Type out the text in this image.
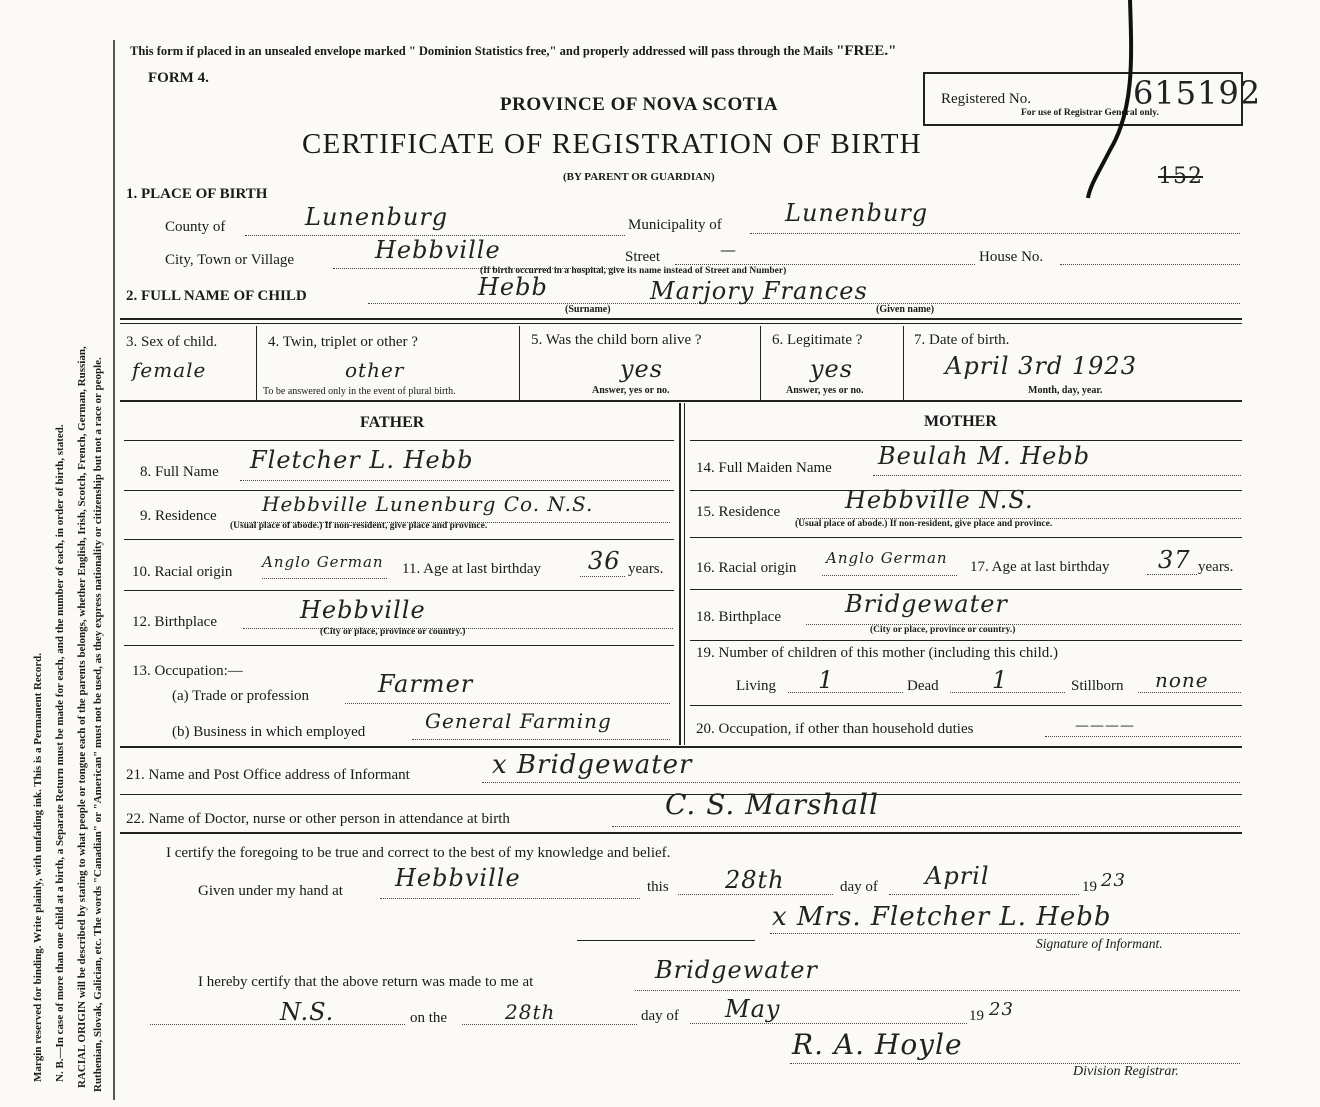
Margin reserved for binding. Write plainly, with unfading ink. This is a Permanent Record. N. B.—In case of more than one child at a birth, a Separate Return must be made for each, and the number of each, in order of birth, stated. RACIAL ORIGIN will be described by stating to what people or tongue each of the parents belongs, whether English, Irish, Scotch, French, German, Russian, Ruthenian, Slovak, Galician, etc. The words "Canadian" or "American" must not be used, as they express nationality or citizenship but not a race or people.
This form if placed in an unsealed envelope marked " Dominion Statistics free," and properly addressed will pass through the Mails "FREE."
FORM 4.
PROVINCE OF NOVA SCOTIA
CERTIFICATE OF REGISTRATION OF BIRTH
(BY PARENT OR GUARDIAN)
Registered No.	615192
For use of Registrar General only.
152
1. PLACE OF BIRTH
County of	Lunenburg	Municipality of	Lunenburg
City, Town or Village	Hebbville	Street	—	House No.
(If birth occurred in a hospital, give its name instead of Street and Number)
2. FULL NAME OF CHILD	Hebb	Marjory Frances
(Surname)	(Given name)
3. Sex of child.
female
4. Twin, triplet or other ?
other
To be answered only in the event of plural birth.
5. Was the child born alive ?
yes
Answer, yes or no.
6. Legitimate ?
yes
Answer, yes or no.
7. Date of birth.
April 3rd 1923
Month, day, year.
FATHER	MOTHER
8. Full Name Fletcher L. Hebb
9. Residence Hebbville Lunenburg Co. N.S.
(Usual place of abode.) If non-resident, give place and province.
10. Racial origin
Anglo German 11. Age at last birthday 36 years.
12. Birthplace	Hebbville
(City or place, province or country.)
13. Occupation:—
(a) Trade or profession	Farmer
(b) Business in which employed	General Farming
14. Full Maiden Name Beulah M. Hebb
15. Residence	Hebbville N.S.
(Usual place of abode.) If non-resident, give place and province.
16. Racial origin
Anglo German 17. Age at last birthday 37 years.
18. Birthplace	Bridgewater
(City or place, province or country.)
19. Number of children of this mother (including this child.)
Living 1	Dead 1	Stillborn none
20. Occupation, if other than household duties	————
21. Name and Post Office address of Informant	x Bridgewater
22. Name of Doctor, nurse or other person in attendance at birth	C. S. Marshall
I certify the foregoing to be true and correct to the best of my knowledge and belief.
Given under my hand at Hebbville	this 28th	day of April	19 23
x Mrs. Fletcher L. Hebb
Signature of Informant.
I hereby certify that the above return was made to me at	Bridgewater
N.S.	on the	28th	day of May	19 23
R. A. Hoyle
Division Registrar.
